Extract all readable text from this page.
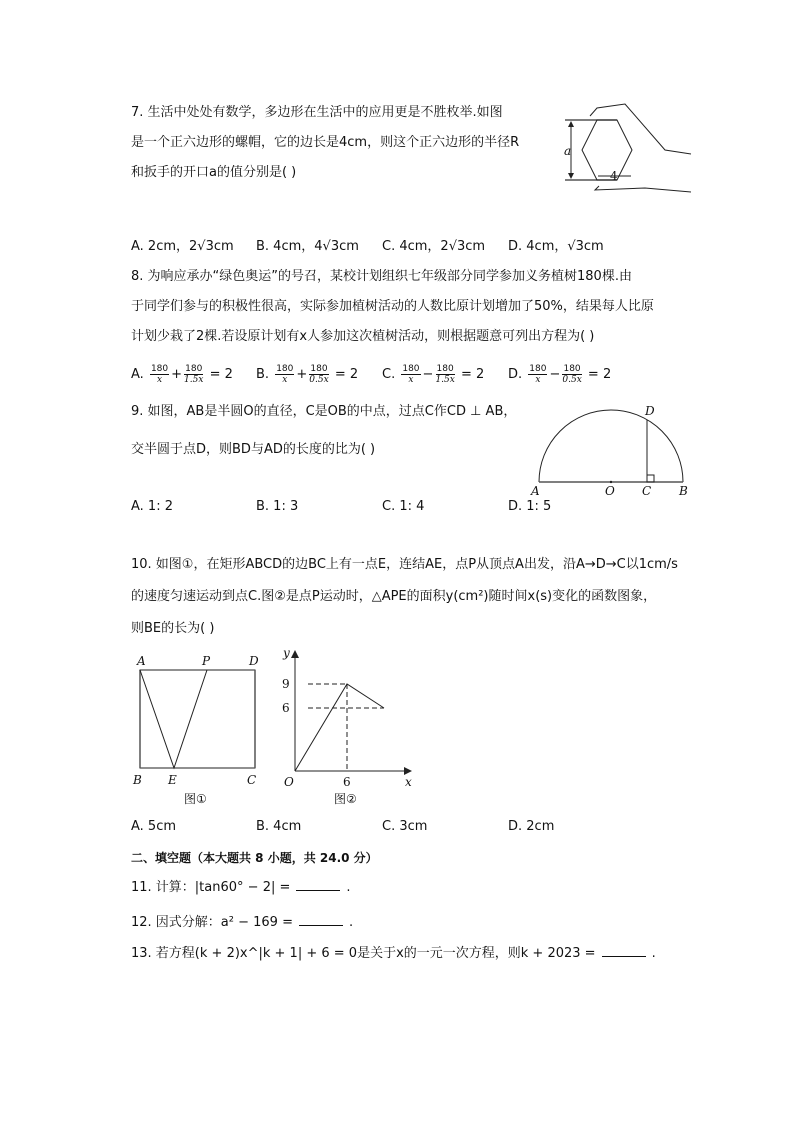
7. 生活中处处有数学，多边形在生活中的应用更是不胜枚举.如图
是一个正六边形的螺帽，它的边长是4cm，则这个正六边形的半径R
和扳手的开口a的值分别是( )
a
4
A. 2cm，2√3cm B. 4cm，4√3cm C. 4cm，2√3cm D. 4cm，√3cm
8. 为响应承办“绿色奥运”的号召，某校计划组织七年级部分同学参加义务植树180棵.由
于同学们参与的积极性很高，实际参加植树活动的人数比原计划增加了50%，结果每人比原
计划少栽了2棵.若设原计划有x人参加这次植树活动，则根据题意可列出方程为( )
A. $\frac{180}{x} + \frac{180}{1.5x} = 2$ B. $\frac{180}{x} + \frac{180}{0.5x} = 2$ C. $\frac{180}{x} - \frac{180}{1.5x} = 2$ D. $\frac{180}{x} - \frac{180}{0.5x} = 2$
9. 如图，AB是半圆O的直径，C是OB的中点，过点C作CD ⊥ AB，
交半圆于点D，则BD与AD的长度的比为( )
A	O C B
D
A. 1: 2	B. 1: 3	C. 1: 4	D. 1: 5
10. 如图①，在矩形ABCD的边BC上有一点E，连结AE，点P从顶点A出发，沿A→D→C以1cm/s
的速度匀速运动到点C.图②是点P运动时，△APE的面积y(cm²)随时间x(s)变化的函数图象，
则BE的长为( )
A	P	D
B E	C
图①
y
x
O
9
6
6
图②
A. 5cm	B. 4cm	C. 3cm	D. 2cm
二、填空题（本大题共 8 小题，共 24.0 分）
11. 计算：|tan60° − 2| =	.
12. 因式分解：a² − 169 =	.
13. 若方程(k + 2)x^|k + 1| + 6 = 0是关于x的一元一次方程，则k + 2023 =	.
